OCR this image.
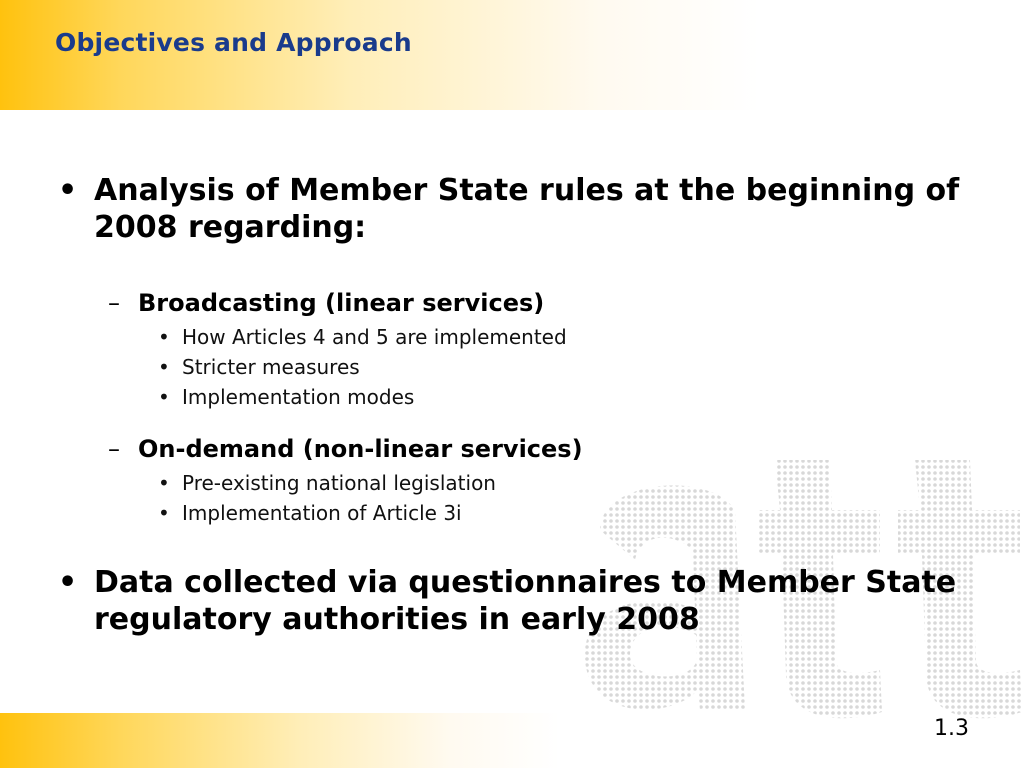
Objectives and Approach
• Analysis of Member State rules at the beginning of 2008 regarding:
– Broadcasting (linear services)
• How Articles 4 and 5 are implemented
• Stricter measures
• Implementation modes
– On-demand (non-linear services)
• Pre-existing national legislation
• Implementation of Article 3i
• Data collected via questionnaires to Member State regulatory authorities in early 2008
1.3
